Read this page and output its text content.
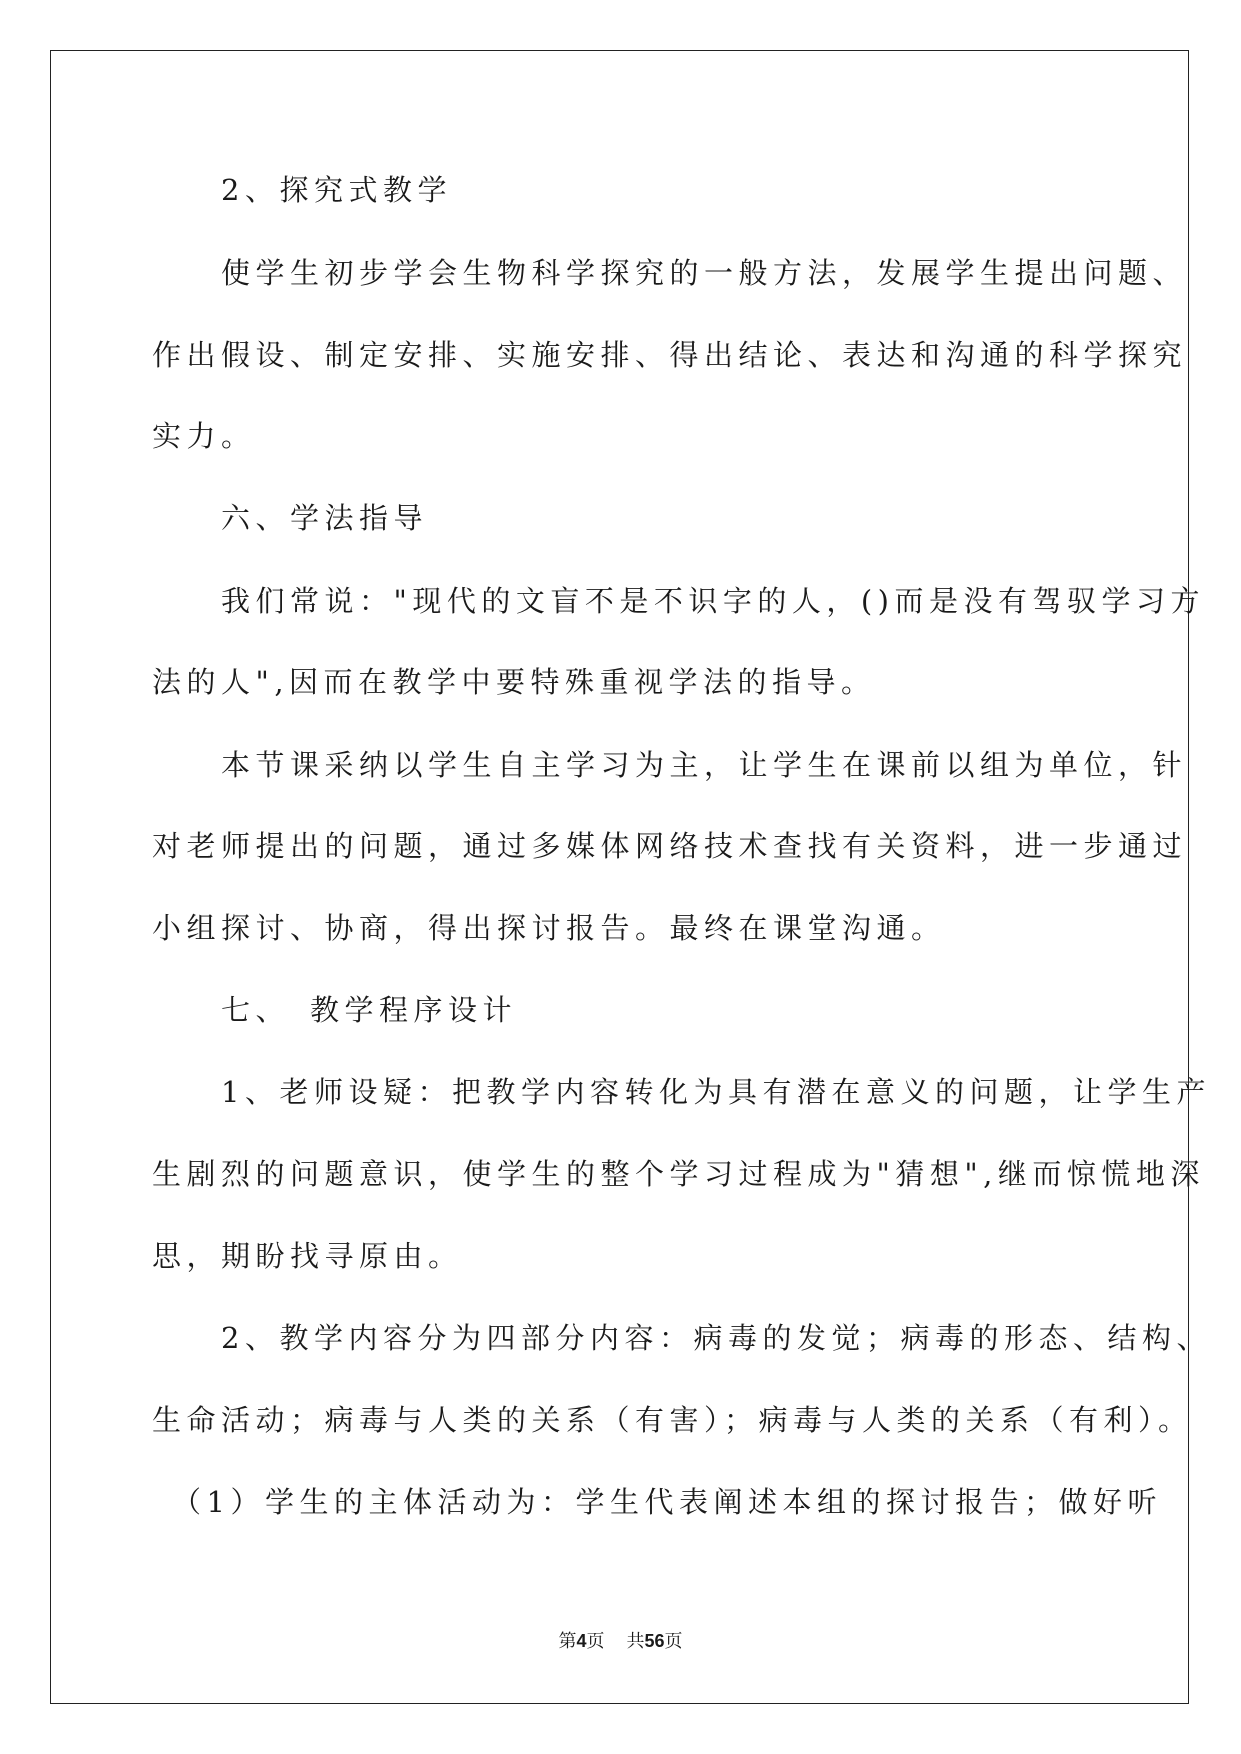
　　2、探究式教学
　　使学生初步学会生物科学探究的一般方法，发展学生提出问题、
作出假设、制定安排、实施安排、得出结论、表达和沟通的科学探究
实力。
　　六、学法指导
　　我们常说："现代的文盲不是不识字的人，()而是没有驾驭学习方
法的人",因而在教学中要特殊重视学法的指导。
　　本节课采纳以学生自主学习为主，让学生在课前以组为单位，针
对老师提出的问题，通过多媒体网络技术查找有关资料，进一步通过
小组探讨、协商，得出探讨报告。最终在课堂沟通。
　　七、　教学程序设计
　　1、老师设疑：把教学内容转化为具有潜在意义的问题，让学生产
生剧烈的问题意识，使学生的整个学习过程成为"猜想",继而惊慌地深
思，期盼找寻原由。
　　2、教学内容分为四部分内容：病毒的发觉；病毒的形态、结构、
生命活动；病毒与人类的关系（有害）；病毒与人类的关系（有利）。
　（1）学生的主体活动为：学生代表阐述本组的探讨报告；做好听
第4页 共56页
